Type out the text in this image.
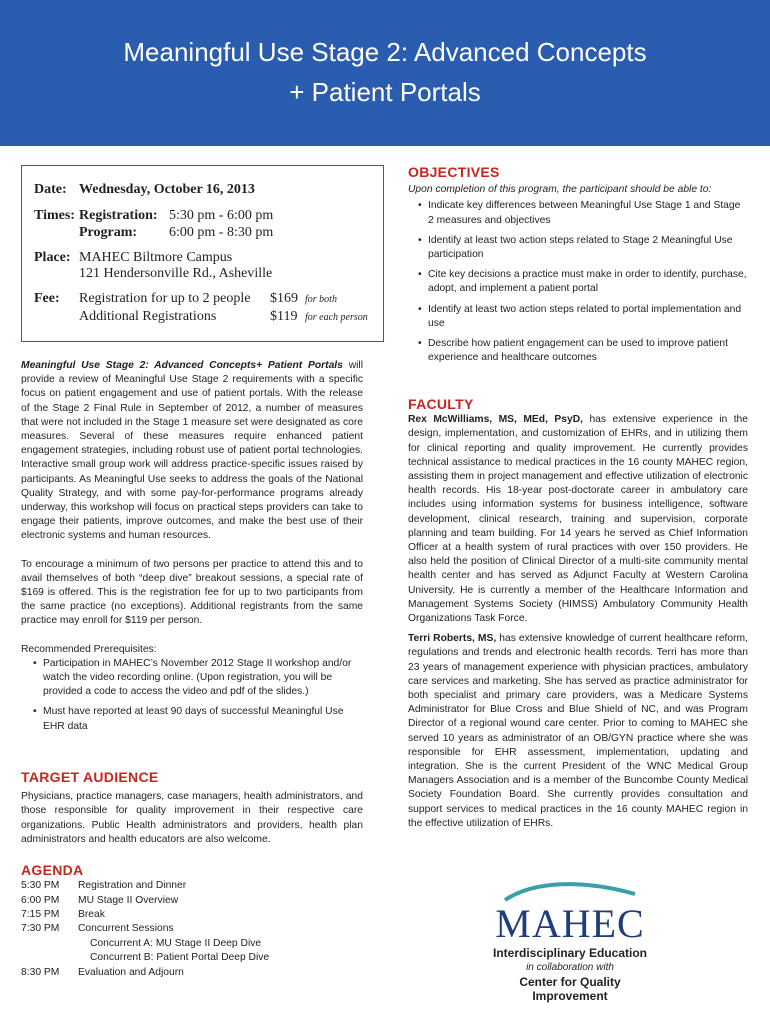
Meaningful Use Stage 2: Advanced Concepts
+ Patient Portals
Date: Wednesday, October 16, 2013
Times: Registration: 5:30 pm - 6:00 pm
Program: 6:00 pm - 8:30 pm
Place: MAHEC Biltmore Campus
121 Hendersonville Rd., Asheville
Fee: Registration for up to 2 people $169 for both
Additional Registrations	$119 for each person

Meaningful Use Stage 2: Advanced Concepts+ Patient Portals will provide a review of Meaningful Use Stage 2 requirements with a specific focus on patient engagement and use of patient portals. With the release of the Stage 2 Final Rule in September of 2012, a number of measures that were not included in the Stage 1 measure set were designated as core measures. Several of these measures require enhanced patient engagement strategies, including robust use of patient portal technologies. Interactive small group work will address practice-specific issues raised by participants. As Meaningful Use seeks to address the goals of the National Quality Strategy, and with some pay-for-performance programs already underway, this workshop will focus on practical steps providers can take to engage their patients, improve outcomes, and make the best use of their electronic systems and human resources.

To encourage a minimum of two persons per practice to attend this and to avail themselves of both “deep dive” breakout sessions, a special rate of $169 is offered. This is the registration fee for up to two participants from the same practice (no exceptions). Additional registrants from the same practice may enroll for $119 per person.

Recommended Prerequisites:

• Participation in MAHEC’s November 2012 Stage II workshop and/or watch the video recording online. (Upon registration, you will be provided a code to access the video and pdf of the slides.)
• Must have reported at least 90 days of successful Meaningful Use EHR data
TARGET AUDIENCE

Physicians, practice managers, case managers, health administrators, and those responsible for quality improvement in their respective care organizations. Public Health administrators and providers, health plan administrators and health educators are also welcome.

AGENDA
5:30 PM Registration and Dinner
6:00 PM MU Stage II Overview
7:15 PM Break
7:30 PM Concurrent Sessions
Concurrent A: MU Stage II Deep Dive
Concurrent B: Patient Portal Deep Dive
8:30 PM Evaluation and Adjourn
OBJECTIVES

Upon completion of this program, the participant should be able to:

• Indicate key differences between Meaningful Use Stage 1 and Stage 2 measures and objectives
• Identify at least two action steps related to Stage 2 Meaningful Use participation
• Cite key decisions a practice must make in order to identify, purchase, adopt, and implement a patient portal
• Identify at least two action steps related to portal implementation and use
• Describe how patient engagement can be used to improve patient experience and healthcare outcomes
FACULTY

Rex McWilliams, MS, MEd, PsyD, has extensive experience in the design, implementation, and customization of EHRs, and in utilizing them for clinical reporting and quality improvement. He currently provides technical assistance to medical practices in the 16 county MAHEC region, assisting them in project management and effective utilization of electronic health records. His 18-year post-doctorate career in ambulatory care includes using information systems for business intelligence, software development, clinical research, training and supervision, corporate planning and team building. For 14 years he served as Chief Information Officer at a health system of rural practices with over 150 providers. He also held the position of Clinical Director of a multi-site community mental health center and has served as Adjunct Faculty at Western Carolina University. He is currently a member of the Healthcare Information and Management Systems Society (HIMSS) Ambulatory Community Health Organizations Task Force.

Terri Roberts, MS, has extensive knowledge of current healthcare reform, regulations and trends and electronic health records. Terri has more than 23 years of management experience with physician practices, ambulatory care services and marketing. She has served as practice administrator for both specialist and primary care providers, was a Medicare Systems Administrator for Blue Cross and Blue Shield of NC, and was Program Director of a regional wound care center. Prior to coming to MAHEC she served 10 years as administrator of an OB/GYN practice where she was responsible for EHR assessment, implementation, updating and integration. She is the current President of the WNC Medical Group Managers Association and is a member of the Buncombe County Medical Society Foundation Board. She currently provides consultation and support services to medical practices in the 16 county MAHEC region in the effective utilization of EHRs.

MAHEC
Interdisciplinary Education
in collaboration with
Center for Quality Improvement
